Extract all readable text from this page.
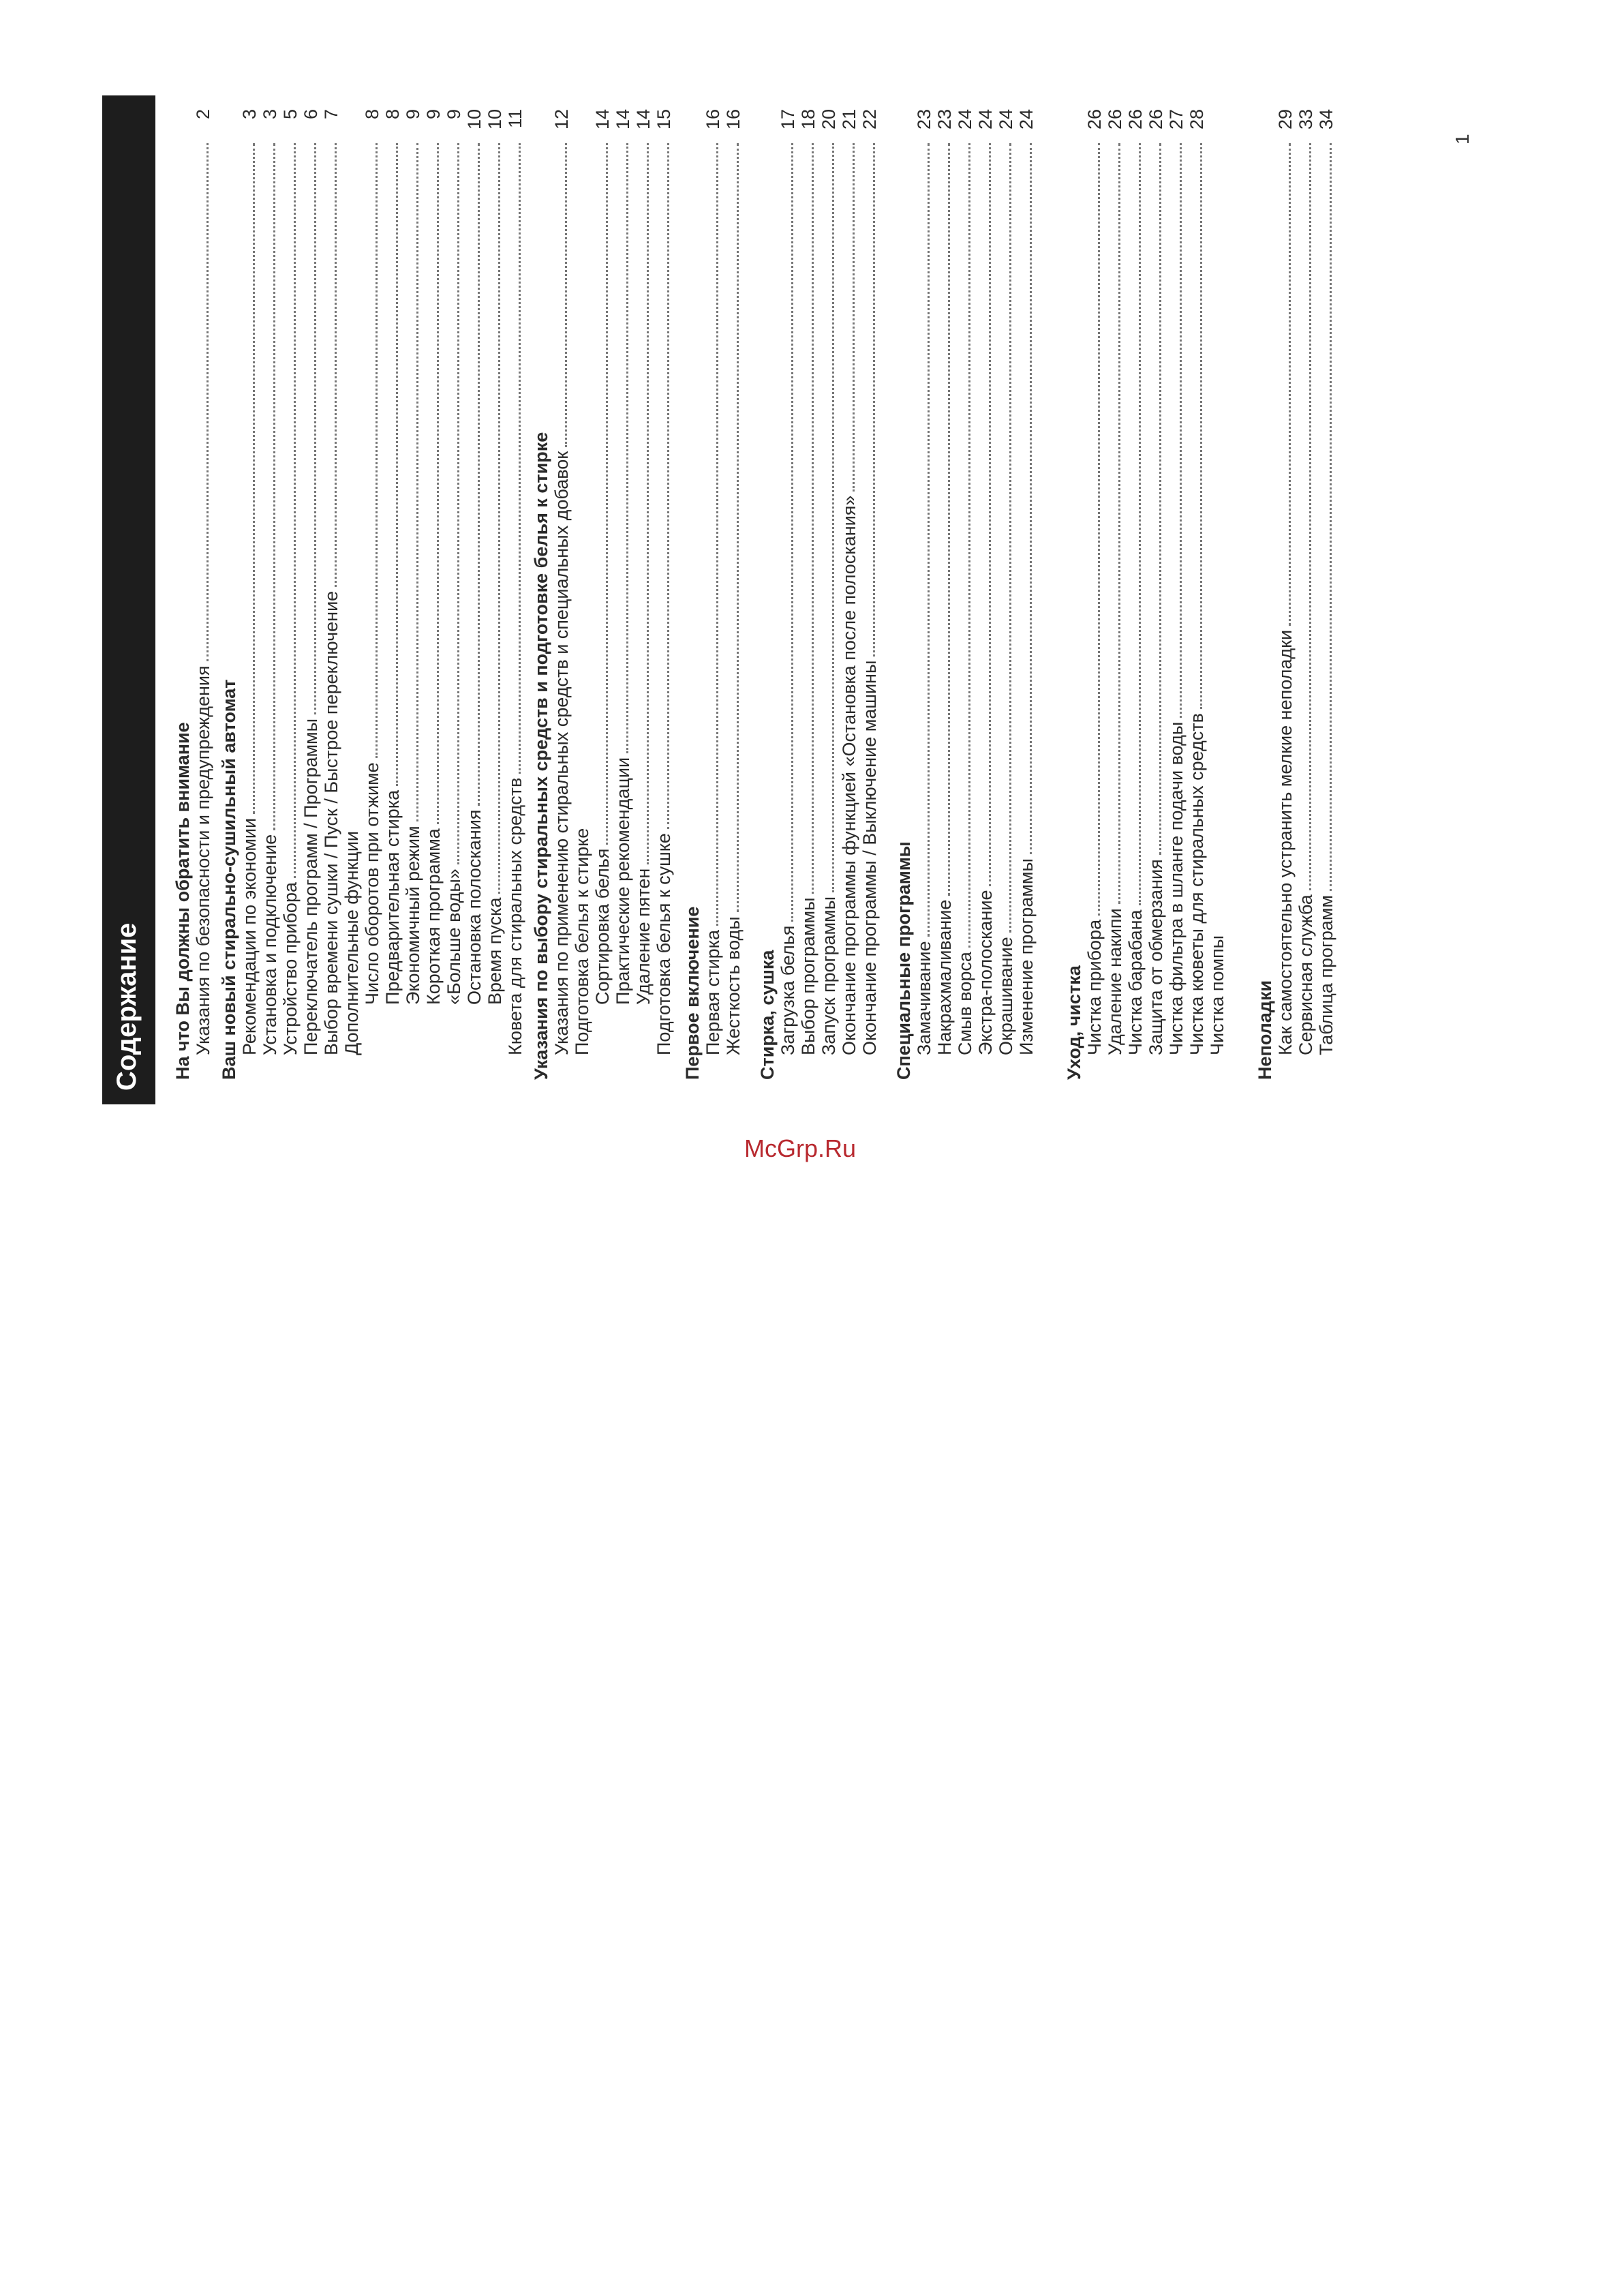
Содержание На что Вы должны обратить внимание Указания по безопасности и предупреждения
2
Ваш новый стирально-сушильный автомат Рекомендации по экономии
3
Установка и подключение
3
Устройство прибора
5
Переключатель программ / Программы
6
Выбор времени сушки / Пуск / Быстрое переключение
7
Дополнительные функции Число оборотов при отжиме
8
Предварительная стирка
8
Экономичный режим
9
Короткая программа
9
«Больше воды»
9
Остановка полоскания
10
Время пуска
10
Кювета для стиральных средств
11
Указания по выбору стиральных средств и подготовке белья к стирке Указания по применению стиральных средств и специальных добавок
12
Подготовка белья к стирке Сортировка белья
14
Практические рекомендации
14
Удаление пятен
14
Подготовка белья к сушке
15
Первое включение Первая стирка
16
Жесткость воды
16
Стирка, сушка Загрузка белья
17
Выбор программы
18
Запуск программы
20
Окончание программы функцией «Остановка после полоскания»
21
Окончание программы / Выключение машины
22
Специальные программы Замачивание
23
Накрахмаливание
23
Смыв ворса
24
Экстра-полоскание
24
Окрашивание
24
Изменение программы
24
Уход, чистка Чистка прибора
26
Удаление накипи
26
Чистка барабана
26
Защита от обмерзания
26
Чистка фильтра в шланге подачи воды
27
Чистка кюветы для стиральных средств
28
Чистка помпы Неполадки Как самостоятельно устранить мелкие неполадки
29
Сервисная служба
33
Таблица программ
34
McGrp.Ru
1
